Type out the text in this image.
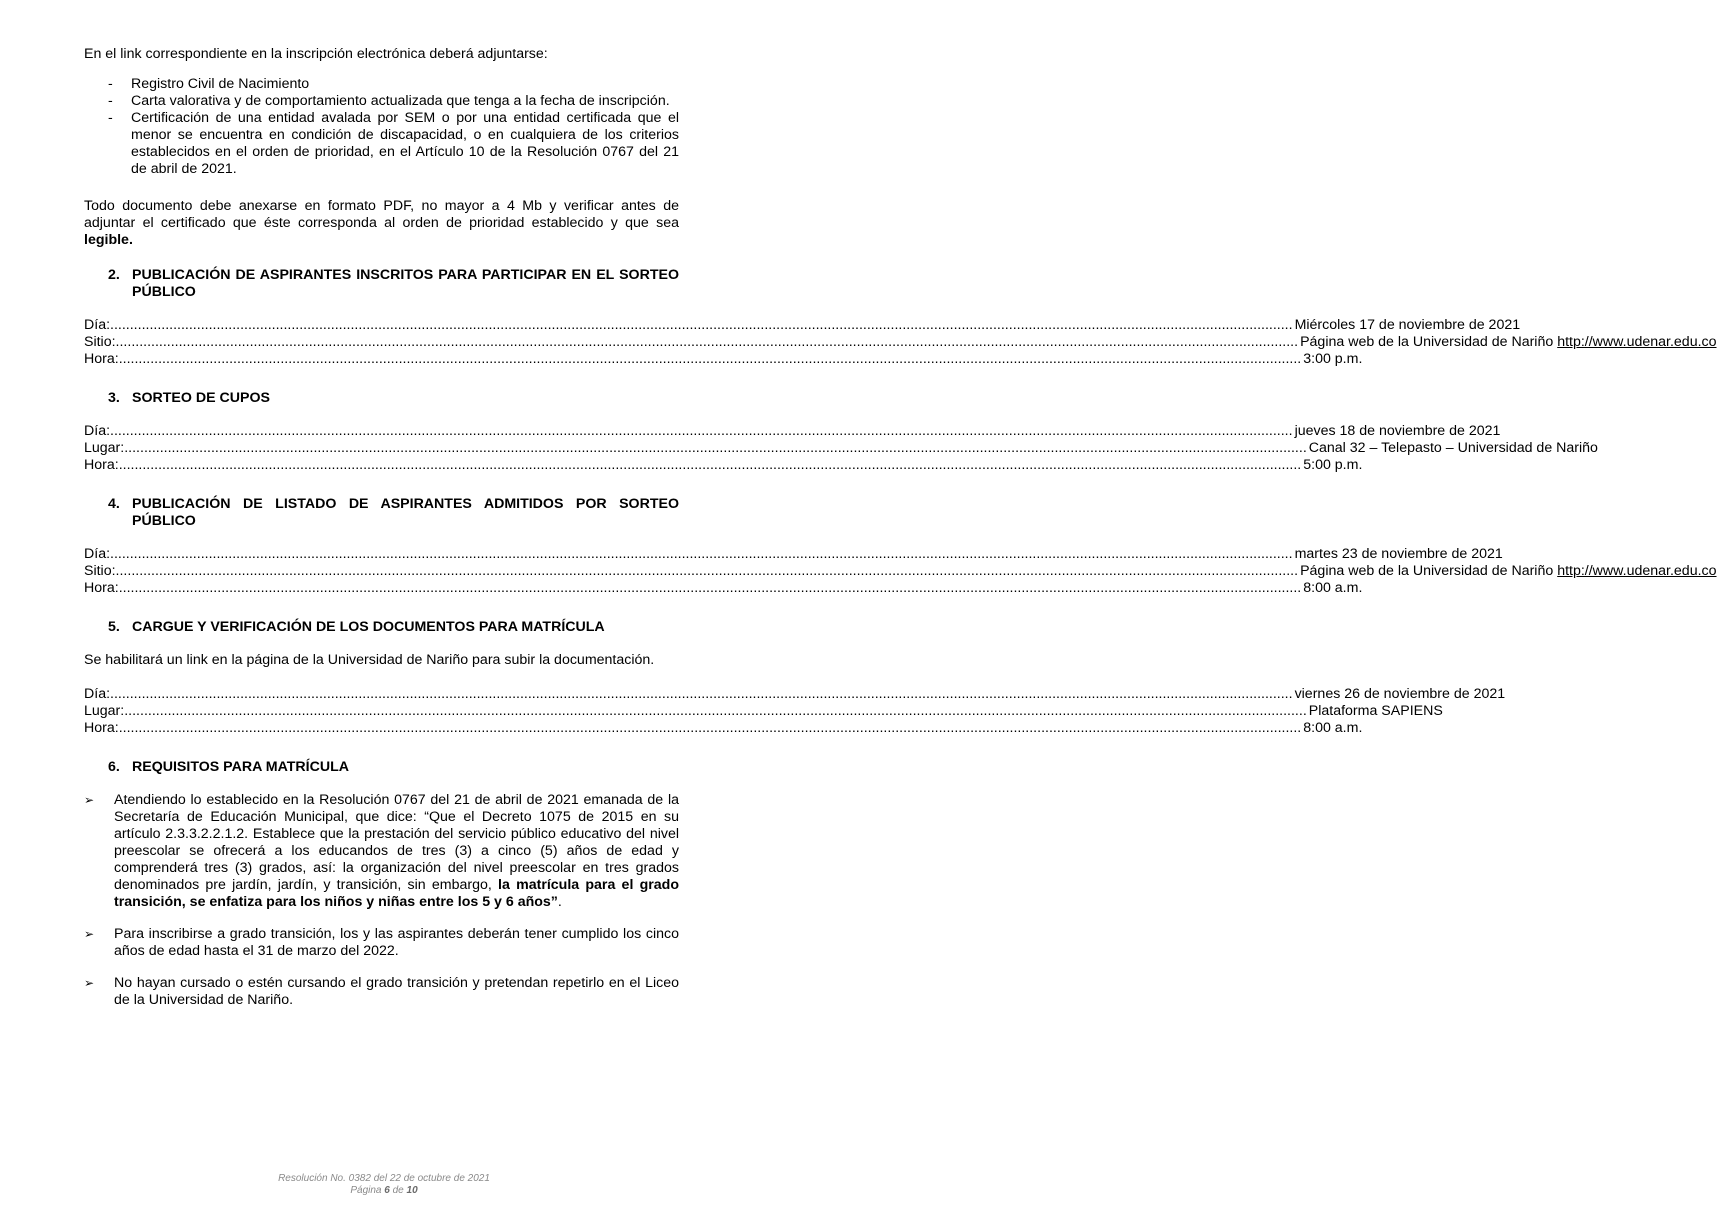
En el link correspondiente en la inscripción electrónica deberá adjuntarse:

- Registro Civil de Nacimiento
- Carta valorativa y de comportamiento actualizada que tenga a la fecha de inscripción.
- Certificación de una entidad avalada por SEM o por una entidad certificada que el menor se encuentra en condición de discapacidad, o en cualquiera de los criterios establecidos en el orden de prioridad, en el Artículo 10 de la Resolución 0767 del 21 de abril de 2021.

Todo documento debe anexarse en formato PDF, no mayor a 4 Mb y verificar antes de adjuntar el certificado que éste corresponda al orden de prioridad establecido y que sea legible.

2. PUBLICACIÓN DE ASPIRANTES INSCRITOS PARA PARTICIPAR EN EL SORTEO PÚBLICO
Día: ............................................................................................................................................................................................................................................................................................................ Miércoles 17 de noviembre de 2021
Sitio: ............................................................................................................................................................................................................................................................................................................ Página web de la Universidad de Nariño http://www.udenar.edu.co
Hora: ............................................................................................................................................................................................................................................................................................................ 3:00 p.m.
3. SORTEO DE CUPOS
Día: ............................................................................................................................................................................................................................................................................................................ jueves 18 de noviembre de 2021
Lugar: ............................................................................................................................................................................................................................................................................................................ Canal 32 – Telepasto – Universidad de Nariño
Hora: ............................................................................................................................................................................................................................................................................................................ 5:00 p.m.
4. PUBLICACIÓN DE LISTADO DE ASPIRANTES ADMITIDOS POR SORTEO PÚBLICO
Día: ............................................................................................................................................................................................................................................................................................................ martes 23 de noviembre de 2021
Sitio: ............................................................................................................................................................................................................................................................................................................ Página web de la Universidad de Nariño http://www.udenar.edu.co
Hora: ............................................................................................................................................................................................................................................................................................................ 8:00 a.m.
5. CARGUE Y VERIFICACIÓN DE LOS DOCUMENTOS PARA MATRÍCULA

Se habilitará un link en la página de la Universidad de Nariño para subir la documentación.

Día: ............................................................................................................................................................................................................................................................................................................ viernes 26 de noviembre de 2021
Lugar: ............................................................................................................................................................................................................................................................................................................ Plataforma SAPIENS
Hora: ............................................................................................................................................................................................................................................................................................................ 8:00 a.m.
6. REQUISITOS PARA MATRÍCULA
➢ Atendiendo lo establecido en la Resolución 0767 del 21 de abril de 2021 emanada de la Secretaría de Educación Municipal, que dice: “Que el Decreto 1075 de 2015 en su artículo 2.3.3.2.2.1.2. Establece que la prestación del servicio público educativo del nivel preescolar se ofrecerá a los educandos de tres (3) a cinco (5) años de edad y comprenderá tres (3) grados, así: la organización del nivel preescolar en tres grados denominados pre jardín, jardín, y transición, sin embargo, la matrícula para el grado transición, se enfatiza para los niños y niñas entre los 5 y 6 años”.
➢ Para inscribirse a grado transición, los y las aspirantes deberán tener cumplido los cinco años de edad hasta el 31 de marzo del 2022.
➢ No hayan cursado o estén cursando el grado transición y pretendan repetirlo en el Liceo de la Universidad de Nariño.
Resolución No. 0382 del 22 de octubre de 2021
Página 6 de 10
